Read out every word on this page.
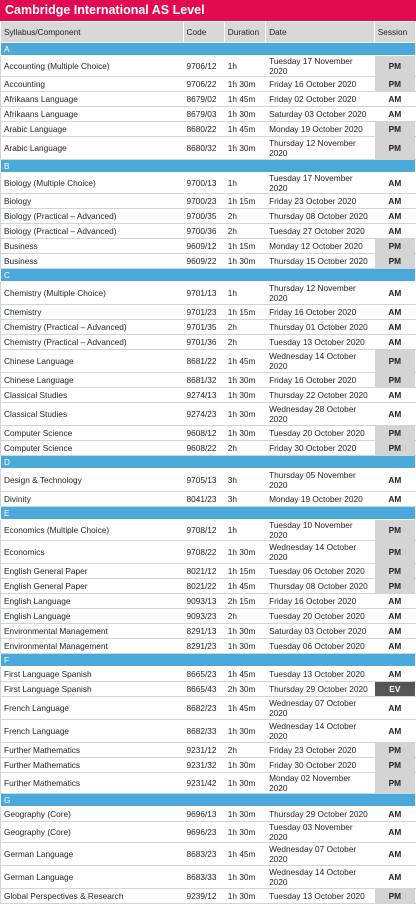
Cambridge International AS Level
Syllabus/Component	Code	Duration	Date	Session
A				
Accounting (Multiple Choice)	9706/12	1h	Tuesday 17 November 2020	PM
Accounting	9706/22	1h 30m	Friday 16 October 2020	PM
Afrikaans Language	8679/02	1h 45m	Friday 02 October 2020	AM
Afrikaans Language	8679/03	1h 30m	Saturday 03 October 2020	AM
Arabic Language	8680/22	1h 45m	Monday 19 October 2020	PM
Arabic Language	8680/32	1h 30m	Thursday 12 November 2020	PM
B				
Biology (Multiple Choice)	9700/13	1h	Tuesday 17 November 2020	AM
Biology	9700/23	1h 15m	Friday 23 October 2020	AM
Biology (Practical – Advanced)	9700/35	2h	Thursday 08 October 2020	AM
Biology (Practical – Advanced)	9700/36	2h	Tuesday 27 October 2020	AM
Business	9609/12	1h 15m	Monday 12 October 2020	PM
Business	9609/22	1h 30m	Thursday 15 October 2020	PM
C				
Chemistry (Multiple Choice)	9701/13	1h	Thursday 12 November 2020	AM
Chemistry	9701/23	1h 15m	Friday 16 October 2020	AM
Chemistry (Practical – Advanced)	9701/35	2h	Thursday 01 October 2020	AM
Chemistry (Practical – Advanced)	9701/36	2h	Tuesday 13 October 2020	AM
Chinese Language	8681/22	1h 45m	Wednesday 14 October 2020	PM
Chinese Language	8681/32	1h 30m	Friday 16 October 2020	PM
Classical Studies	9274/13	1h 30m	Thursday 22 October 2020	AM
Classical Studies	9274/23	1h 30m	Wednesday 28 October 2020	AM
Computer Science	9608/12	1h 30m	Tuesday 20 October 2020	PM
Computer Science	9608/22	2h	Friday 30 October 2020	PM
D				
Design & Technology	9705/13	3h	Thursday 05 November 2020	AM
Divinity	8041/23	3h	Monday 19 October 2020	AM
E				
Economics (Multiple Choice)	9708/12	1h	Tuesday 10 November 2020	PM
Economics	9708/22	1h 30m	Wednesday 14 October 2020	PM
English General Paper	8021/12	1h 15m	Tuesday 06 October 2020	PM
English General Paper	8021/22	1h 45m	Thursday 08 October 2020	PM
English Language	9093/13	2h 15m	Friday 16 October 2020	AM
English Language	9093/23	2h	Tuesday 20 October 2020	AM
Environmental Management	8291/13	1h 30m	Saturday 03 October 2020	AM
Environmental Management	8291/23	1h 30m	Tuesday 06 October 2020	AM
F				
First Language Spanish	8665/23	1h 45m	Tuesday 13 October 2020	AM
First Language Spanish	8665/43	2h 30m	Thursday 29 October 2020	EV
French Language	8682/23	1h 45m	Wednesday 07 October 2020	AM
French Language	8682/33	1h 30m	Wednesday 14 October 2020	AM
Further Mathematics	9231/12	2h	Friday 23 October 2020	PM
Further Mathematics	9231/32	1h 30m	Friday 30 October 2020	PM
Further Mathematics	9231/42	1h 30m	Monday 02 November 2020	PM
G				
Geography (Core)	9696/13	1h 30m	Thursday 29 October 2020	AM
Geography (Core)	9696/23	1h 30m	Tuesday 03 November 2020	AM
German Language	8683/23	1h 45m	Wednesday 07 October 2020	AM
German Language	8683/33	1h 30m	Wednesday 14 October 2020	AM
Global Perspectives & Research	9239/12	1h 30m	Tuesday 13 October 2020	PM
